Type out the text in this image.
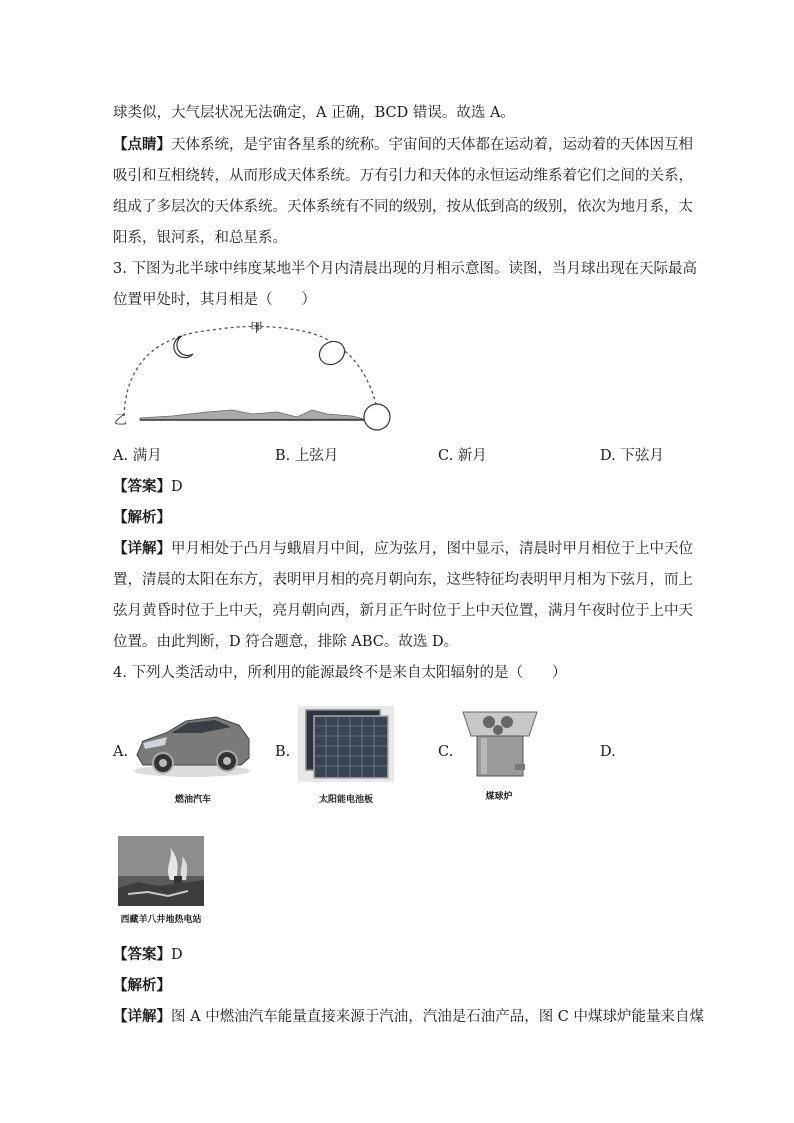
球类似，大气层状况无法确定，A 正确，BCD 错误。故选 A。
【点睛】天体系统，是宇宙各星系的统称。宇宙间的天体都在运动着，运动着的天体因互相
吸引和互相绕转，从而形成天体系统。万有引力和天体的永恒运动维系着它们之间的关系，
组成了多层次的天体系统。天体系统有不同的级别，按从低到高的级别，依次为地月系，太
阳系，银河系，和总星系。
3. 下图为北半球中纬度某地半个月内清晨出现的月相示意图。读图，当月球出现在天际最高
位置甲处时，其月相是（　　）
甲
乙
A. 满月	B. 上弦月	C. 新月	D. 下弦月
【答案】D
【解析】
【详解】甲月相处于凸月与蛾眉月中间，应为弦月，图中显示，清晨时甲月相位于上中天位
置，清晨的太阳在东方，表明甲月相的亮月朝向东，这些特征均表明甲月相为下弦月，而上
弦月黄昏时位于上中天，亮月朝向西，新月正午时位于上中天位置，满月午夜时位于上中天
位置。由此判断，D 符合题意，排除 ABC。故选 D。
4. 下列人类活动中，所利用的能源最终不是来自太阳辐射的是（　　）
A.	B.	C.	D.
燃油汽车	太阳能电池板	煤球炉
西藏羊八井地热电站
【答案】D
【解析】
【详解】图 A 中燃油汽车能量直接来源于汽油，汽油是石油产品，图 C 中煤球炉能量来自煤
